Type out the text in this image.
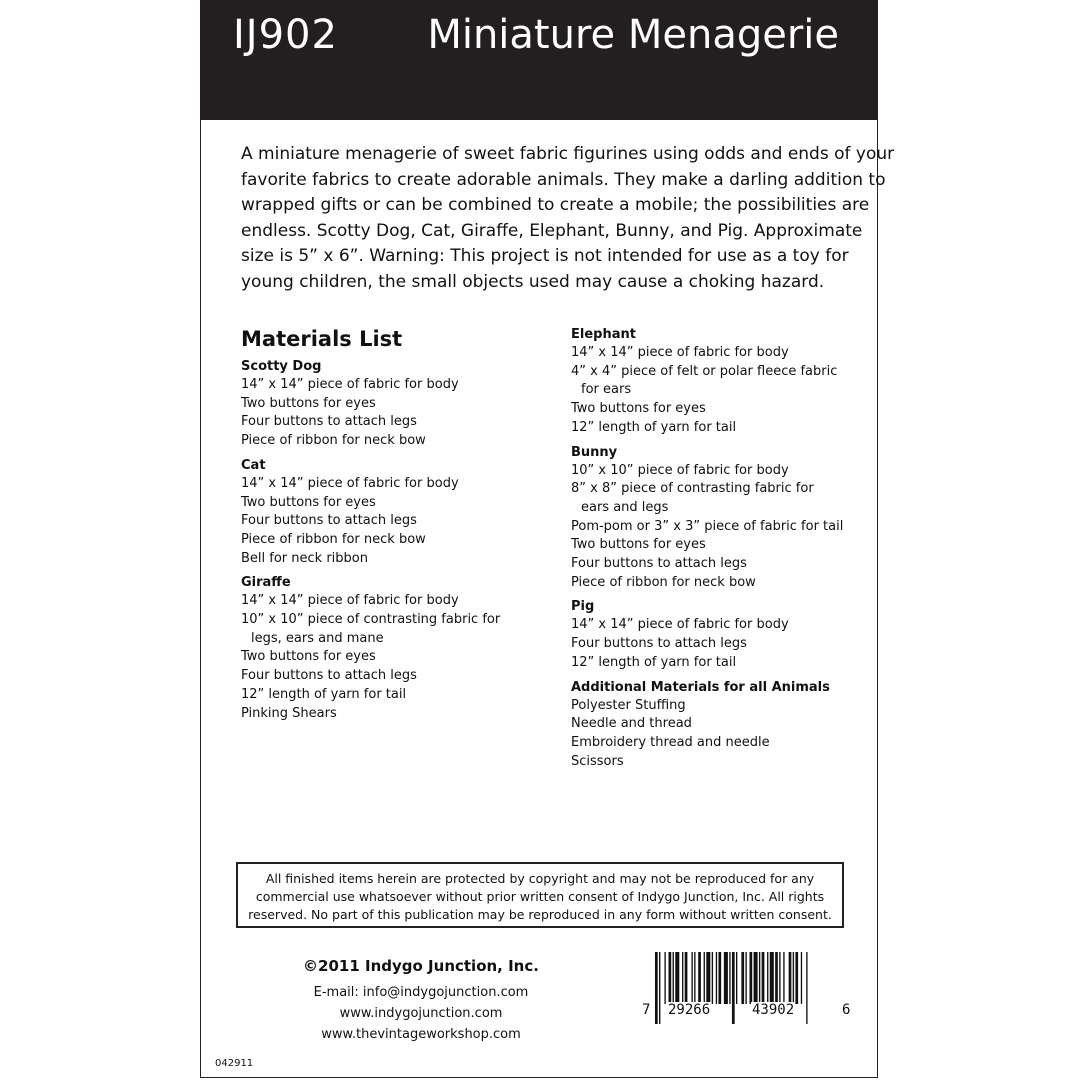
IJ902 Miniature Menagerie

A miniature menagerie of sweet fabric figurines using odds and ends of your
favorite fabrics to create adorable animals. They make a darling addition to
wrapped gifts or can be combined to create a mobile; the possibilities are
endless. Scotty Dog, Cat, Giraffe, Elephant, Bunny, and Pig. Approximate
size is 5” x 6”. Warning: This project is not intended for use as a toy for
young children, the small objects used may cause a choking hazard.

Materials List
Scotty Dog
14” x 14” piece of fabric for body
Two buttons for eyes
Four buttons to attach legs
Piece of ribbon for neck bow
Cat
14” x 14” piece of fabric for body
Two buttons for eyes
Four buttons to attach legs
Piece of ribbon for neck bow
Bell for neck ribbon
Giraffe
14” x 14” piece of fabric for body
10” x 10” piece of contrasting fabric for
legs, ears and mane
Two buttons for eyes
Four buttons to attach legs
12” length of yarn for tail
Pinking Shears
Elephant
14” x 14” piece of fabric for body
4” x 4” piece of felt or polar fleece fabric
for ears
Two buttons for eyes
12” length of yarn for tail
Bunny
10” x 10” piece of fabric for body
8” x 8” piece of contrasting fabric for
ears and legs
Pom-pom or 3” x 3” piece of fabric for tail
Two buttons for eyes
Four buttons to attach legs
Piece of ribbon for neck bow
Pig
14” x 14” piece of fabric for body
Four buttons to attach legs
12” length of yarn for tail
Additional Materials for all Animals
Polyester Stuffing
Needle and thread
Embroidery thread and needle
Scissors
All finished items herein are protected by copyright and may not be reproduced for any
commercial use whatsoever without prior written consent of Indygo Junction, Inc. All rights
reserved. No part of this publication may be reproduced in any form without written consent.

©2011 Indygo Junction, Inc.

E-mail: info@indygojunction.com

www.indygojunction.com

www.thevintageworkshop.com

7 29266	43902	6
042911
